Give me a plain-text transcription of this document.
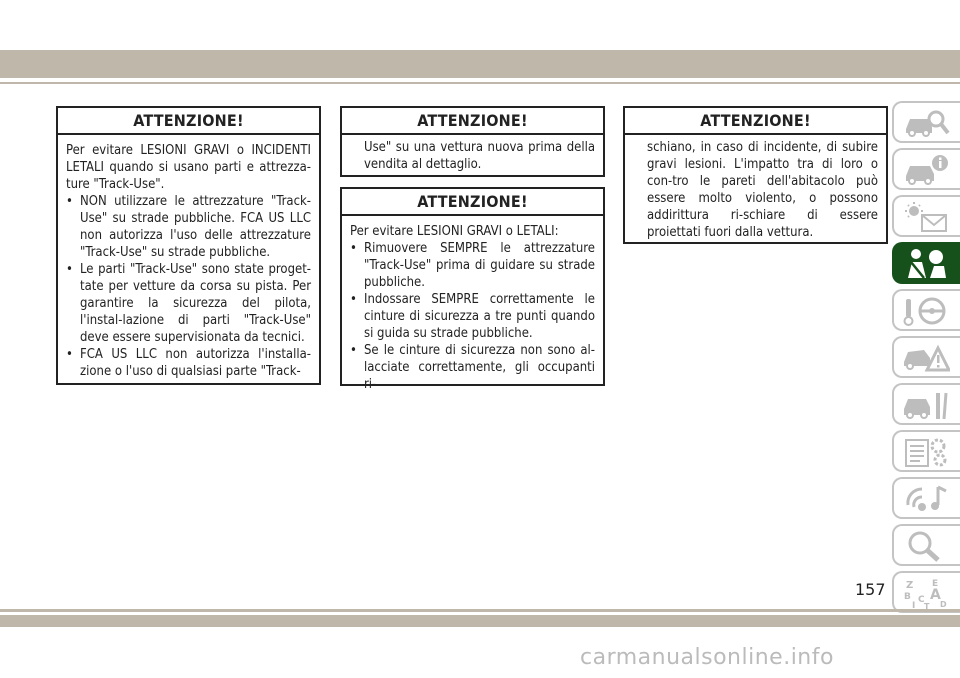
ATTENZIONE!

Per evitare LESIONI GRAVI o INCIDENTI LETALI quando si usano parti e attrezza-ture "Track-Use".

• NON utilizzare le attrezzature "Track-Use" su strade pubbliche. FCA US LLC non autorizza l'uso delle attrezzature "Track-Use" su strade pubbliche.
• Le parti "Track-Use" sono state proget-tate per vetture da corsa su pista. Per garantire la sicurezza del pilota, l'instal-lazione di parti "Track-Use" deve essere supervisionata da tecnici.
• FCA US LLC non autorizza l'installa-zione o l'uso di qualsiasi parte "Track-
ATTENZIONE!

Use" su una vettura nuova prima della vendita al dettaglio.

ATTENZIONE!

Per evitare LESIONI GRAVI o LETALI:

• Rimuovere SEMPRE le attrezzature "Track-Use" prima di guidare su strade pubbliche.
• Indossare SEMPRE correttamente le cinture di sicurezza a tre punti quando si guida su strade pubbliche.
• Se le cinture di sicurezza non sono al-lacciate correttamente, gli occupanti ri-
ATTENZIONE!

schiano, in caso di incidente, di subire gravi lesioni. L'impatto tra di loro o con-tro le pareti dell'abitacolo può essere molto violento, o possono addirittura ri-schiare di essere proiettati fuori dalla vettura.

Z E
B A
I
C
T D
157
carmanualsonline.info
